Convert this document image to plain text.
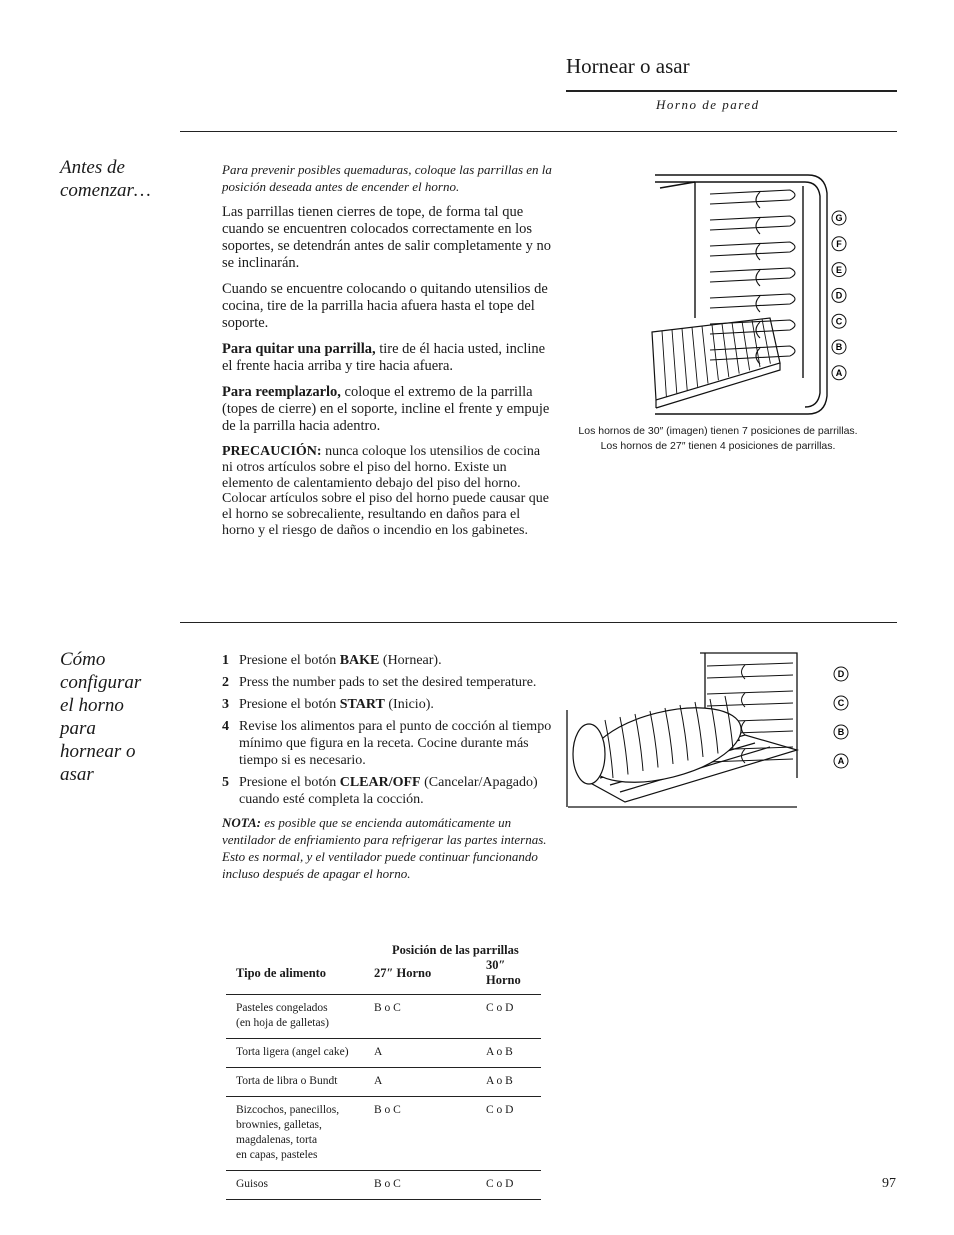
Hornear o asar
Horno de pared
Antes de comenzar…

Para prevenir posibles quemaduras, coloque las parrillas en la posición deseada antes de encender el horno.

Las parrillas tienen cierres de tope, de forma tal que cuando se encuentren colocados correctamente en los soportes, se detendrán antes de salir completamente y no se inclinarán.

Cuando se encuentre colocando o quitando utensilios de cocina, tire de la parrilla hacia afuera hasta el tope del soporte.

Para quitar una parrilla, tire de él hacia usted, incline el frente hacia arriba y tire hacia afuera.

Para reemplazarlo, coloque el extremo de la parrilla (topes de cierre) en el soporte, incline el frente y empuje de la parrilla hacia adentro.

PRECAUCIÓN: nunca coloque los utensilios de cocina ni otros artículos sobre el piso del horno. Existe un elemento de calentamiento debajo del piso del horno. Colocar artículos sobre el piso del horno puede causar que el horno se sobrecaliente, resultando en daños para el horno y el riesgo de daños o incendio en los gabinetes.

G
F
E
D
C
B
A
Los hornos de 30″ (imagen) tienen 7 posiciones de parrillas.
Los hornos de 27″ tienen 4 posiciones de parrillas.
Cómo configurar el horno para hornear o asar
1 Presione el botón BAKE (Hornear).
2 Press the number pads to set the desired temperature.
3 Presione el botón START (Inicio).
4 Revise los alimentos para el punto de cocción al tiempo mínimo que figura en la receta. Cocine durante más tiempo si es necesario.
5 Presione el botón CLEAR/OFF (Cancelar/Apagado) cuando esté completa la cocción.
NOTA: es posible que se encienda automáticamente un ventilador de enfriamiento para refrigerar las partes internas. Esto es normal, y el ventilador puede continuar funcionando incluso después de apagar el horno.
D
C
B
A
	Posición de las parrillas	
Tipo de alimento	27″ Horno	30″ Horno
Pasteles congelados
(en hoja de galletas)	B o C	C o D
Torta ligera (angel cake)	A	A o B
Torta de libra o Bundt	A	A o B
Bizcochos, panecillos,
brownies, galletas,
magdalenas, torta
en capas, pasteles	B o C	C o D
Guisos	B o C	C o D	97
